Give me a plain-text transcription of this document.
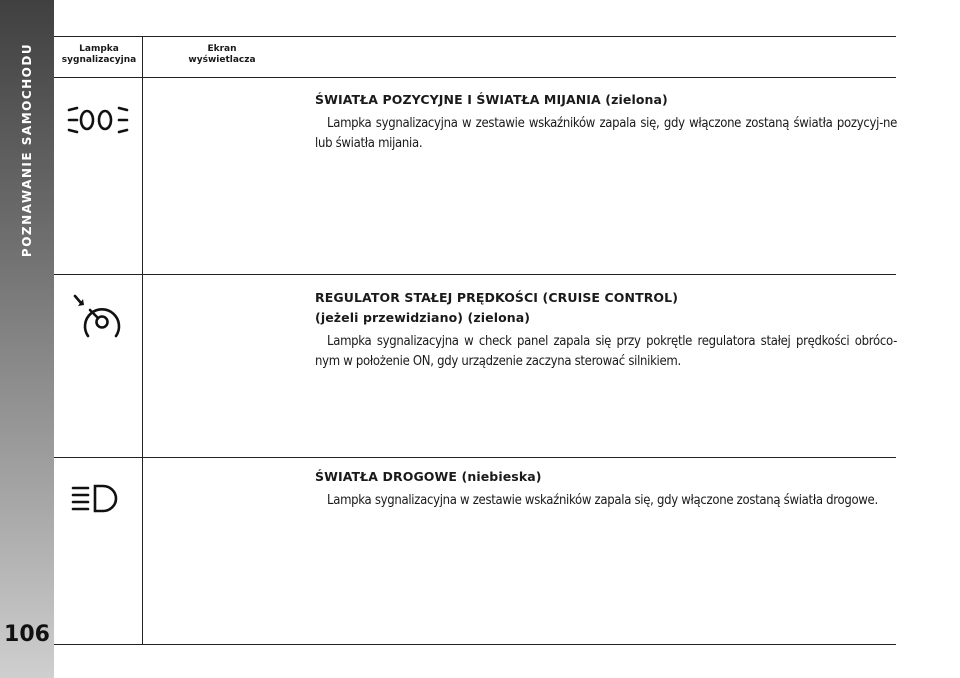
POZNAWANIE SAMOCHODU
106
Lampka
sygnalizacyjna
Ekran
wyświetlacza
ŚWIATŁA POZYCYJNE I ŚWIATŁA MIJANIA (zielona)

Lampka sygnalizacyjna w zestawie wskaźników zapala się, gdy włączone zostaną światła pozycyj-ne lub światła mijania.

REGULATOR STAŁEJ PRĘDKOŚCI (CRUISE CONTROL)
(jeżeli przewidziano) (zielona)

Lampka sygnalizacyjna w check panel zapala się przy pokrętle regulatora stałej prędkości obróco-nym w położenie ON, gdy urządzenie zaczyna sterować silnikiem.

ŚWIATŁA DROGOWE (niebieska)

Lampka sygnalizacyjna w zestawie wskaźników zapala się, gdy włączone zostaną światła drogowe.
